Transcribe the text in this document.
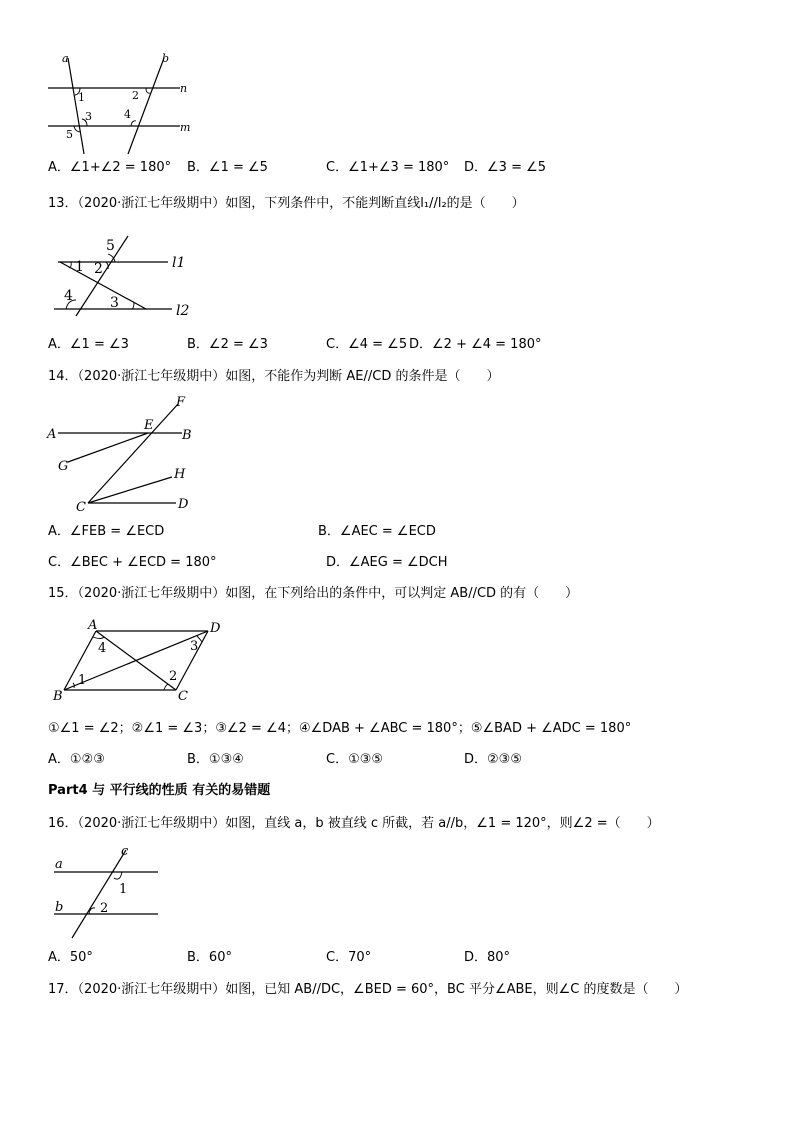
a	b
n
m
1	2
3	4
5
A．∠1+∠2 = 180° B．∠1 = ∠5	C．∠1+∠3 = 180° D．∠3 = ∠5
13．（2020·浙江七年级期中）如图，下列条件中，不能判断直线l₁//l₂的是（　　）
5
1 2
4	3
l1
l2
A．∠1 = ∠3	B．∠2 = ∠3	C．∠4 = ∠5 D．∠2 + ∠4 = 180°
14．（2020·浙江七年级期中）如图，不能作为判断 AE//CD 的条件是（　　）
A	B
E
F
G
H
C	D
A．∠FEB = ∠ECD	B．∠AEC = ∠ECD
C．∠BEC + ∠ECD = 180°	D．∠AEG = ∠DCH
15．（2020·浙江七年级期中）如图，在下列给出的条件中，可以判定 AB//CD 的有（　　）
A	D
B	C
4	3
1	2
①∠1 = ∠2；②∠1 = ∠3；③∠2 = ∠4；④∠DAB + ∠ABC = 180°；⑤∠BAD + ∠ADC = 180°
A．①②③	B．①③④	C．①③⑤	D．②③⑤
Part4 与 平行线的性质 有关的易错题
16．（2020·浙江七年级期中）如图，直线 a，b 被直线 c 所截，若 a//b，∠1 = 120°，则∠2 =（　　）
a
b
c
1
2
A．50°	B．60°	C．70°	D．80°
17．（2020·浙江七年级期中）如图，已知 AB//DC，∠BED = 60°，BC 平分∠ABE，则∠C 的度数是（　　）
